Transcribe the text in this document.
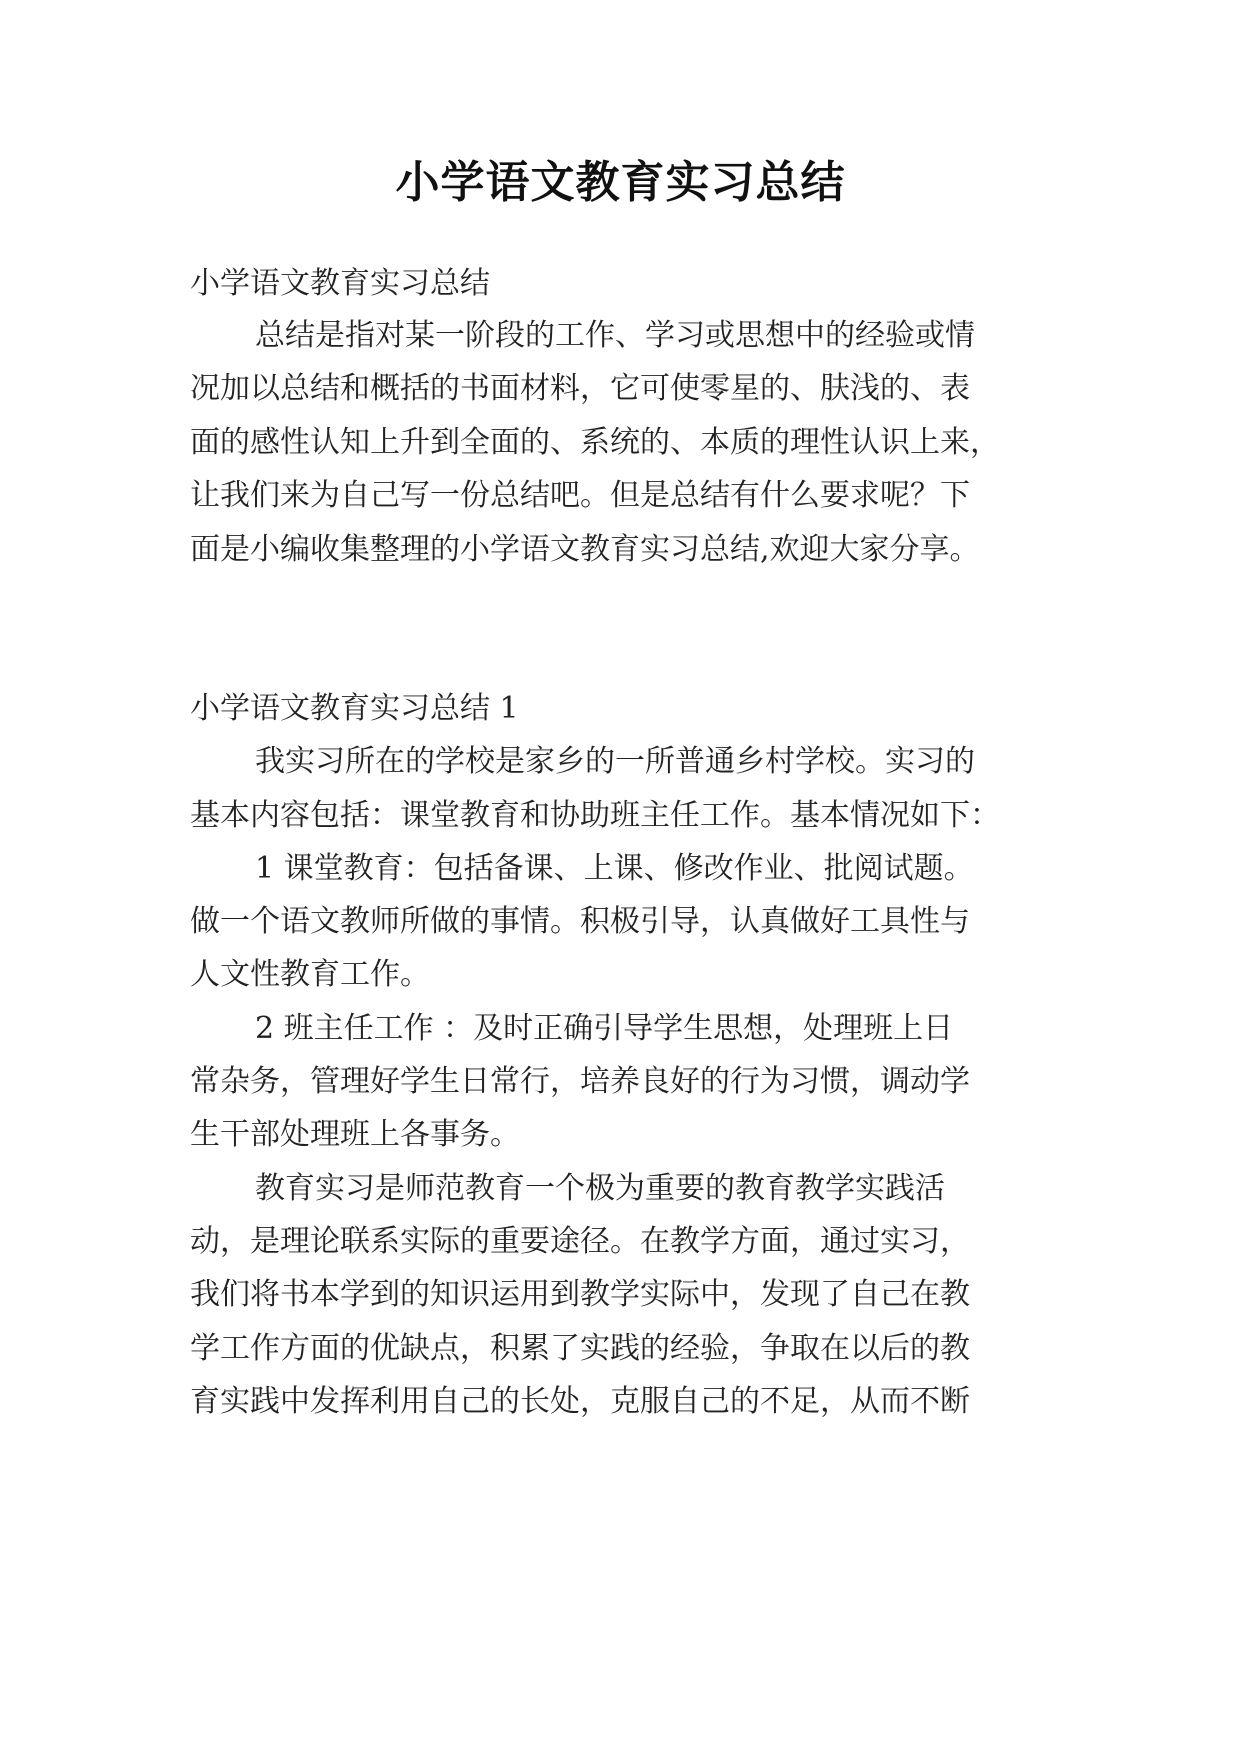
小学语文教育实习总结
小学语文教育实习总结
总结是指对某一阶段的工作、学习或思想中的经验或情
况加以总结和概括的书面材料，它可使零星的、肤浅的、表
面的感性认知上升到全面的、系统的、本质的理性认识上来，
让我们来为自己写一份总结吧。但是总结有什么要求呢？下
面是小编收集整理的小学语文教育实习总结,欢迎大家分享。
小学语文教育实习总结 1
我实习所在的学校是家乡的一所普通乡村学校。实习的
基本内容包括：课堂教育和协助班主任工作。基本情况如下：
1 课堂教育：包括备课、上课、修改作业、批阅试题。
做一个语文教师所做的事情。积极引导，认真做好工具性与
人文性教育工作。
2 班主任工作 ：及时正确引导学生思想，处理班上日
常杂务，管理好学生日常行，培养良好的行为习惯，调动学
生干部处理班上各事务。
教育实习是师范教育一个极为重要的教育教学实践活
动，是理论联系实际的重要途径。在教学方面，通过实习，
我们将书本学到的知识运用到教学实际中，发现了自己在教
学工作方面的优缺点，积累了实践的经验，争取在以后的教
育实践中发挥利用自己的长处，克服自己的不足，从而不断
